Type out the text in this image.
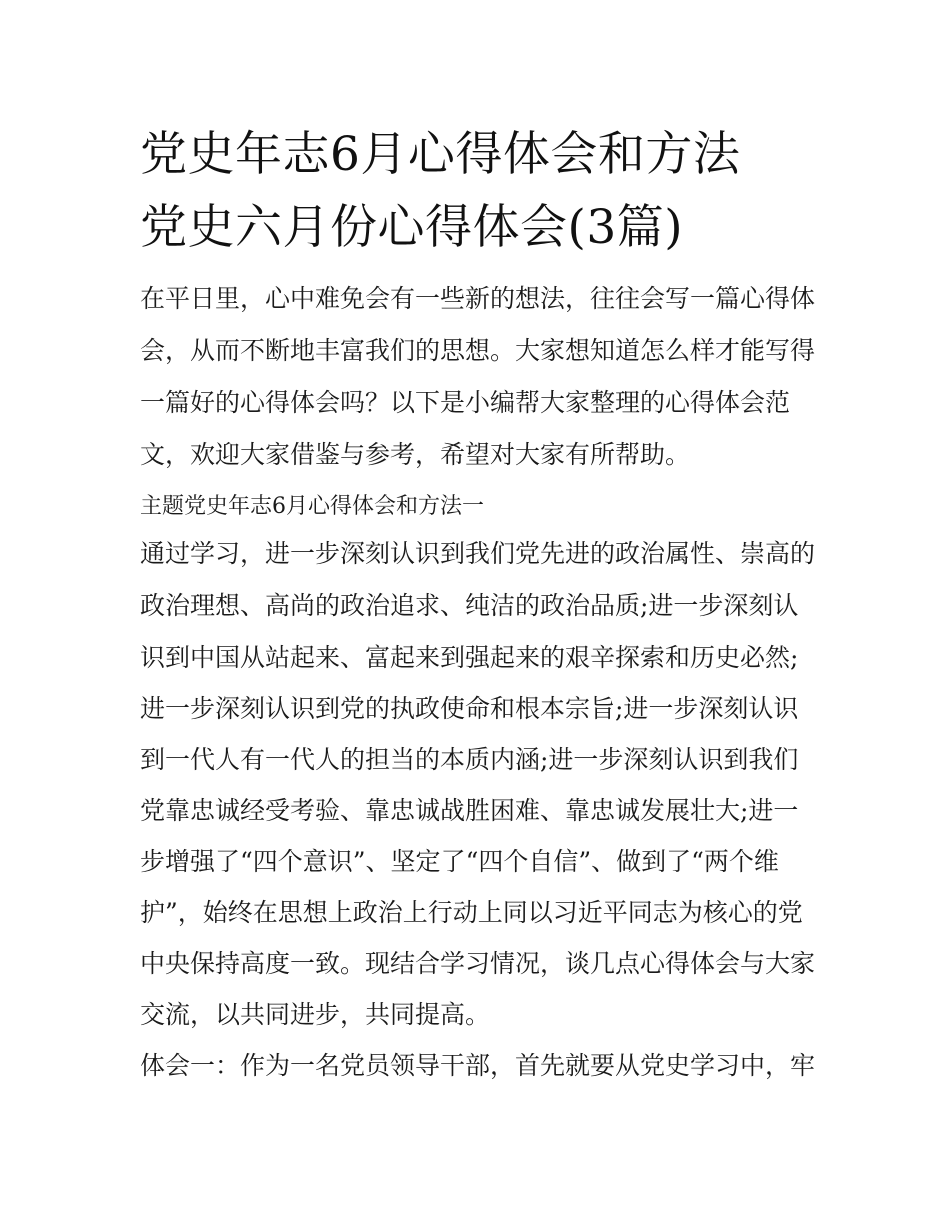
党史年志6月心得体会和方法
党史六月份心得体会(3篇)

在平日里，心中难免会有一些新的想法，往往会写一篇心得体

会，从而不断地丰富我们的思想。大家想知道怎么样才能写得

一篇好的心得体会吗？以下是小编帮大家整理的心得体会范

文，欢迎大家借鉴与参考，希望对大家有所帮助。

主题党史年志6月心得体会和方法一

通过学习，进一步深刻认识到我们党先进的政治属性、崇高的

政治理想、高尚的政治追求、纯洁的政治品质;进一步深刻认

识到中国从站起来、富起来到强起来的艰辛探索和历史必然;

进一步深刻认识到党的执政使命和根本宗旨;进一步深刻认识

到一代人有一代人的担当的本质内涵;进一步深刻认识到我们

党靠忠诚经受考验、靠忠诚战胜困难、靠忠诚发展壮大;进一

步增强了“四个意识”、坚定了“四个自信”、做到了“两个维

护”，始终在思想上政治上行动上同以习近平同志为核心的党

中央保持高度一致。现结合学习情况，谈几点心得体会与大家

交流，以共同进步，共同提高。

体会一：作为一名党员领导干部，首先就要从党史学习中，牢
